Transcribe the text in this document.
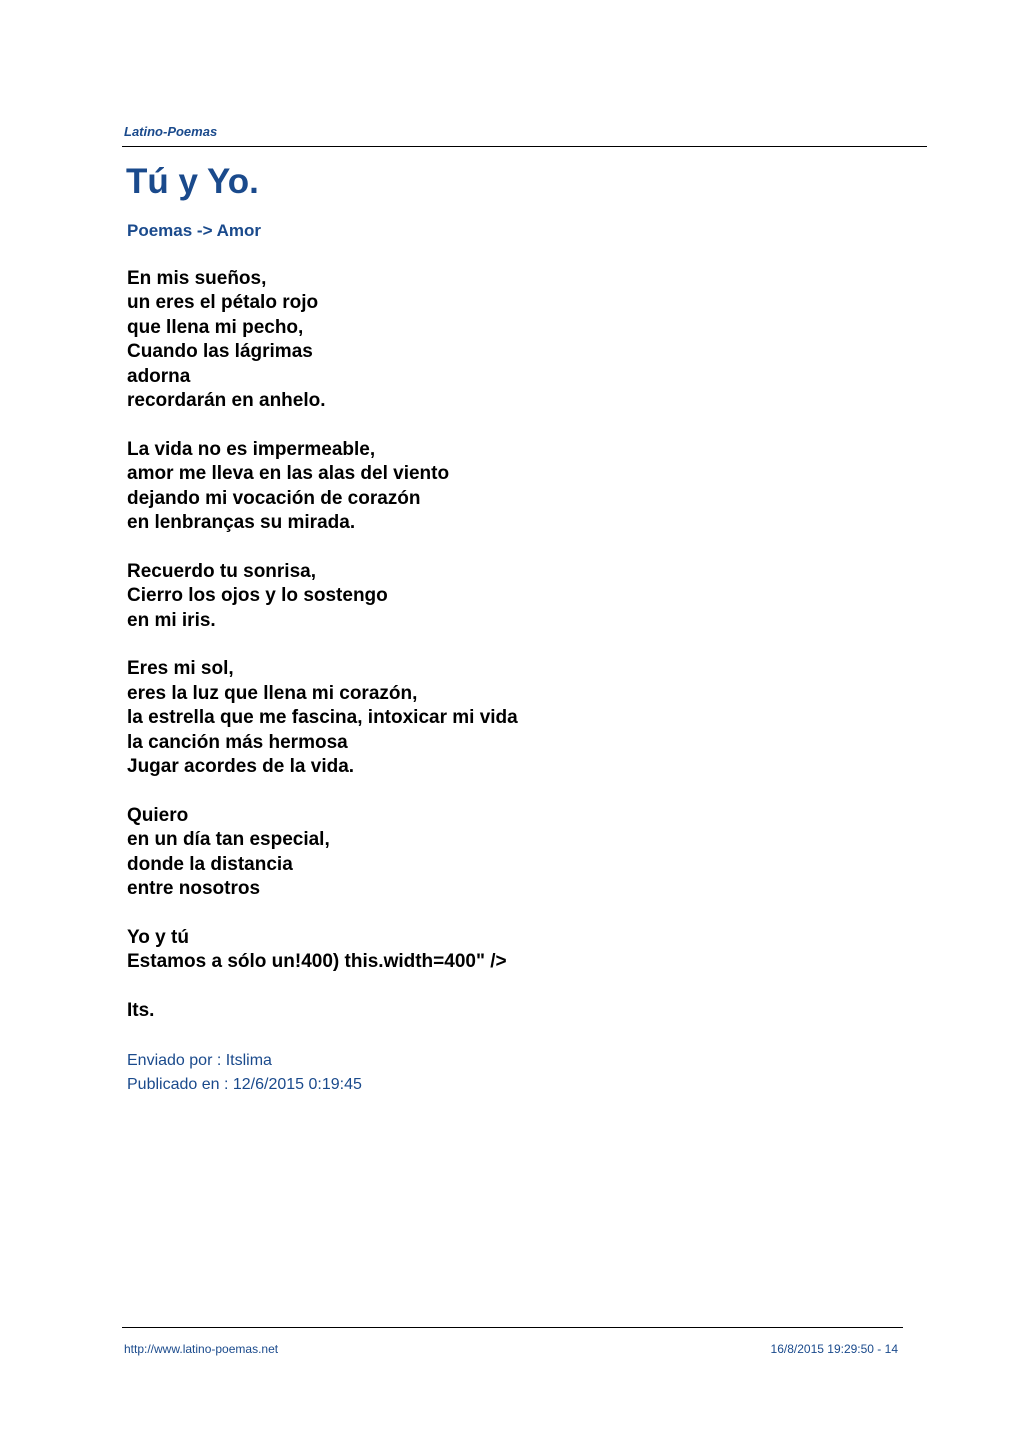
Latino-Poemas
Tú y Yo.
Poemas -> Amor
En mis sueños,
un eres el pétalo rojo
que llena mi pecho,
Cuando las lágrimas
adorna
recordarán en anhelo.
La vida no es impermeable,
amor me lleva en las alas del viento
dejando mi vocación de corazón
en lenbranças su mirada.
Recuerdo tu sonrisa,
Cierro los ojos y lo sostengo
en mi iris.
Eres mi sol,
eres la luz que llena mi corazón,
la estrella que me fascina, intoxicar mi vida
la canción más hermosa
Jugar acordes de la vida.
Quiero
en un día tan especial,
donde la distancia
entre nosotros
Yo y tú
Estamos a sólo un!400) this.width=400" />
Its.
Enviado por : Itslima
Publicado en : 12/6/2015 0:19:45
http://www.latino-poemas.net	16/8/2015 19:29:50 - 14
